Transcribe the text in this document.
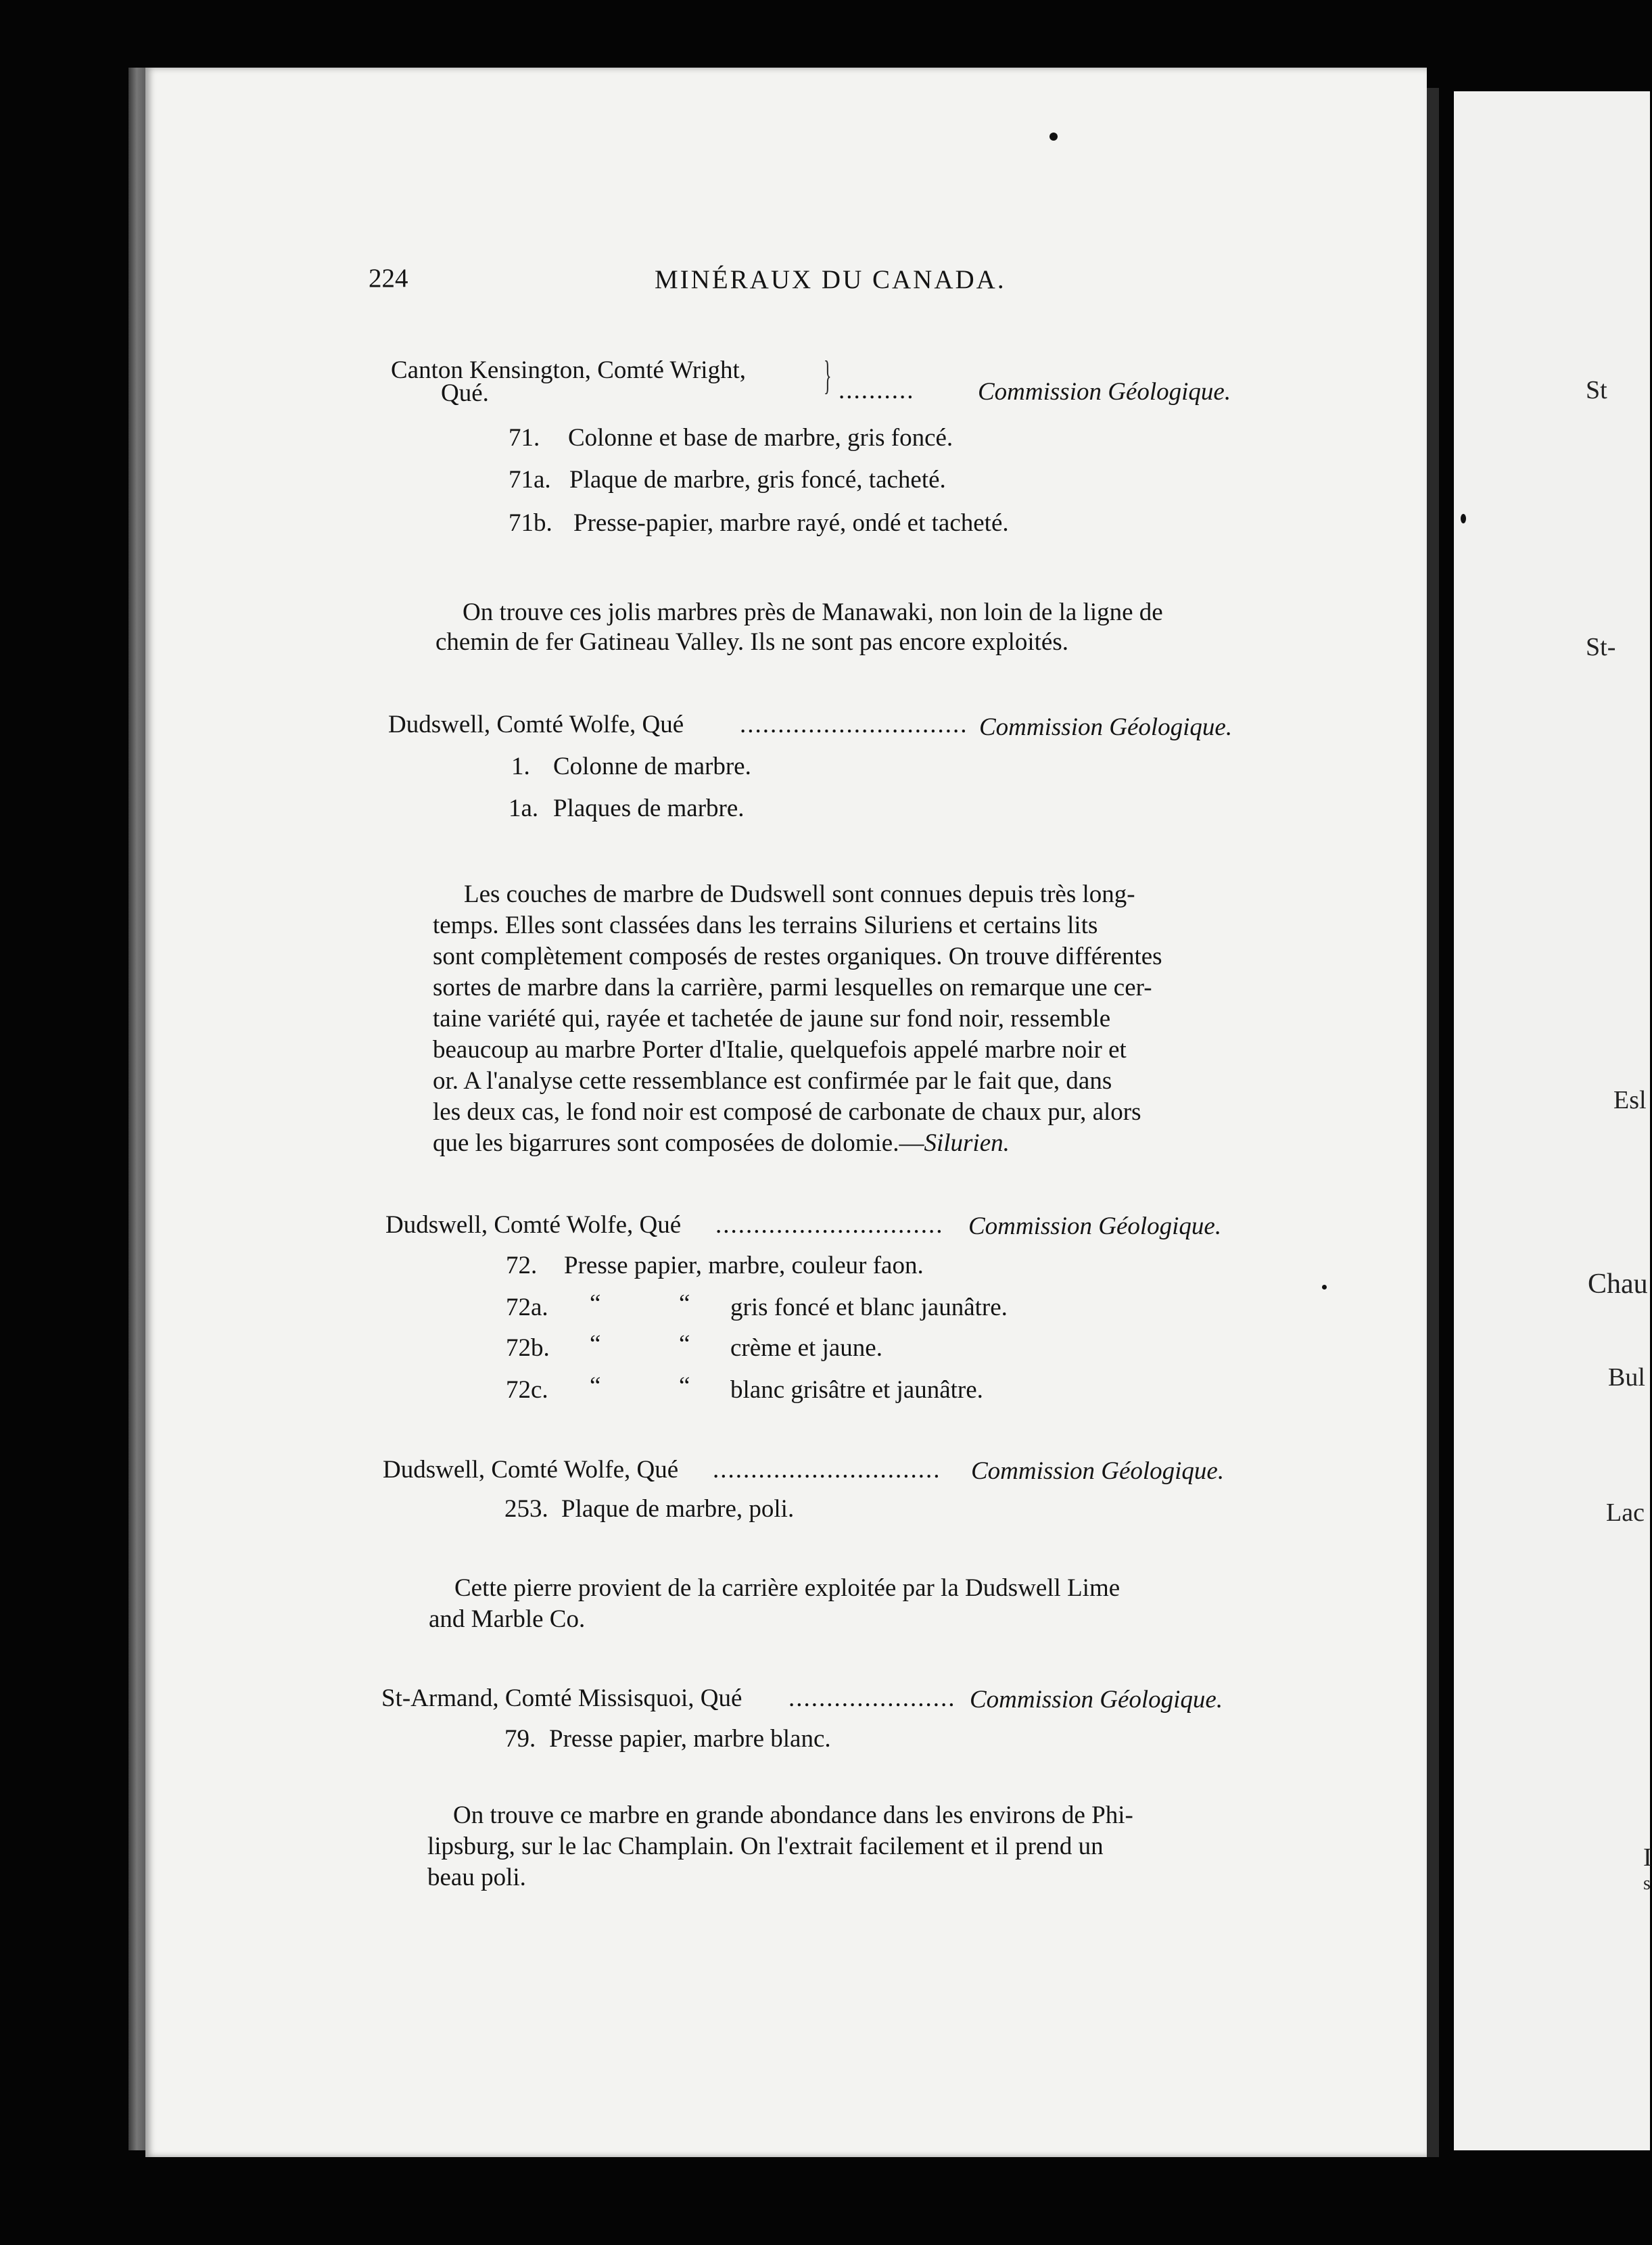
St
St-
Esl
Chau
Bul
Lac
I
s
224	MINÉRAUX DU CANADA.
Canton Kensington, Comté Wright,
Qué.	} ..........	Commission Géologique.
71. Colonne et base de marbre, gris foncé.
71a. Plaque de marbre, gris foncé, tacheté.
71b. Presse-papier, marbre rayé, ondé et tacheté.
On trouve ces jolis marbres près de Manawaki, non loin de la ligne de
chemin de fer Gatineau Valley. Ils ne sont pas encore exploités.
Dudswell, Comté Wolfe, Qué .............................. Commission Géologique.
1. Colonne de marbre.
1a. Plaques de marbre.

Les couches de marbre de Dudswell sont connues depuis très long-

temps. Elles sont classées dans les terrains Siluriens et certains lits

sont complètement composés de restes organiques. On trouve différentes

sortes de marbre dans la carrière, parmi lesquelles on remarque une cer-

taine variété qui, rayée et tachetée de jaune sur fond noir, ressemble

beaucoup au marbre Porter d'Italie, quelquefois appelé marbre noir et

or. A l'analyse cette ressemblance est confirmée par le fait que, dans

les deux cas, le fond noir est composé de carbonate de chaux pur, alors

que les bigarrures sont composées de dolomie.—Silurien.

Dudswell, Comté Wolfe, Qué .............................. Commission Géologique.
72. Presse papier, marbre, couleur faon.
72a. “	“ gris foncé et blanc jaunâtre.
72b. “	“ crème et jaune.
72c. “	“ blanc grisâtre et jaunâtre.
Dudswell, Comté Wolfe, Qué .............................. Commission Géologique.
253. Plaque de marbre, poli.

Cette pierre provient de la carrière exploitée par la Dudswell Lime

and Marble Co.

St-Armand, Comté Missisquoi, Qué ...................... Commission Géologique.
79. Presse papier, marbre blanc.

On trouve ce marbre en grande abondance dans les environs de Phi-

lipsburg, sur le lac Champlain. On l'extrait facilement et il prend un

beau poli.
